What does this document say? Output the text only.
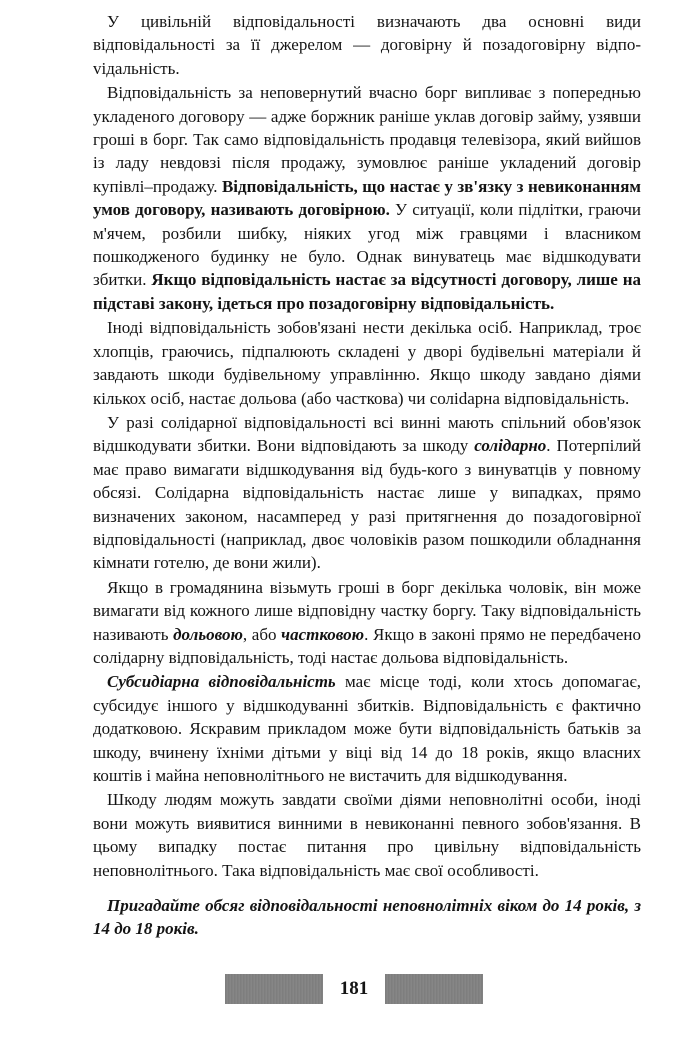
У цивільній відповідальності визначають два основні види відповідальності за її джерелом — договірну й позадоговірну відпоvідальність.

Відповідальність за неповернутий вчасно борг випливає з попереднью укладеного договору — адже боржник раніше уклав договір займу, узявши гроші в борг. Так само відповідальність продавця телевізора, який вийшов із ладу невдовзі після продажу, зумовлює раніше укладений договір купівлі–продажу. Відповідальність, що настає у зв'язку з невиконанням умов договору, називають договірною. У ситуації, коли підлітки, граючи м'ячем, розбили шибку, ніяких угод між гравцями і власником пошкодженого будинку не було. Однак винуватець має відшкодувати збитки. Якщо відповідальність настає за відсутності договору, лише на підставі закону, ідеться про позадоговірну відповідальність.

Іноді відповідальність зобов'язані нести декілька осіб. Наприклад, троє хлопців, граючись, підпалюють складені у дворі будівельні матеріали й завдають шкоди будівельному управлінню. Якщо шкоду завдано діями кількох осіб, настає дольова (або часткова) чи соліdарна відповідальність.

У разі солідарної відповідальності всі винні мають спільний обов'язок відшкодувати збитки. Вони відповідають за шкоду солідарно. Потерпілий має право вимагати відшкодування від будь-кого з винуватців у повному обсязі. Солідарна відповідальність настає лише у випадках, прямо визначених законом, насамперед у разі притягнення до позадоговірної відповідальності (наприклад, двоє чоловіків разом пошкодили обладнання кімнати готелю, де вони жили).

Якщо в громадянина візьмуть гроші в борг декілька чоловік, він може вимагати від кожного лише відповідну частку боргу. Таку відповідальність називають дольовою, або частковою. Якщо в законі прямо не передбачено солідарну відповідальність, тоді настає дольова відповідальність.

Субсидіарна відповідальність має місце тоді, коли хтось допомагає, субсидує іншого у відшкодуванні збитків. Відповідальність є фактично додатковою. Яскравим прикладом може бути відповідальність батьків за шкоду, вчинену їхніми дітьми у віці від 14 до 18 років, якщо власних коштів і майна неповнолітнього не вистачить для відшкодування.

Шкоду людям можуть завдати своїми діями неповнолітні особи, іноді вони можуть виявитися винними в невиконанні певного зобов'язання. В цьому випадку постає питання про цивільну відповідальність неповнолітнього. Така відповідальність має свої особливості.

Пригадайте обсяг відповідальності неповнолітніх віком до 14 років, з 14 до 18 років.

181
